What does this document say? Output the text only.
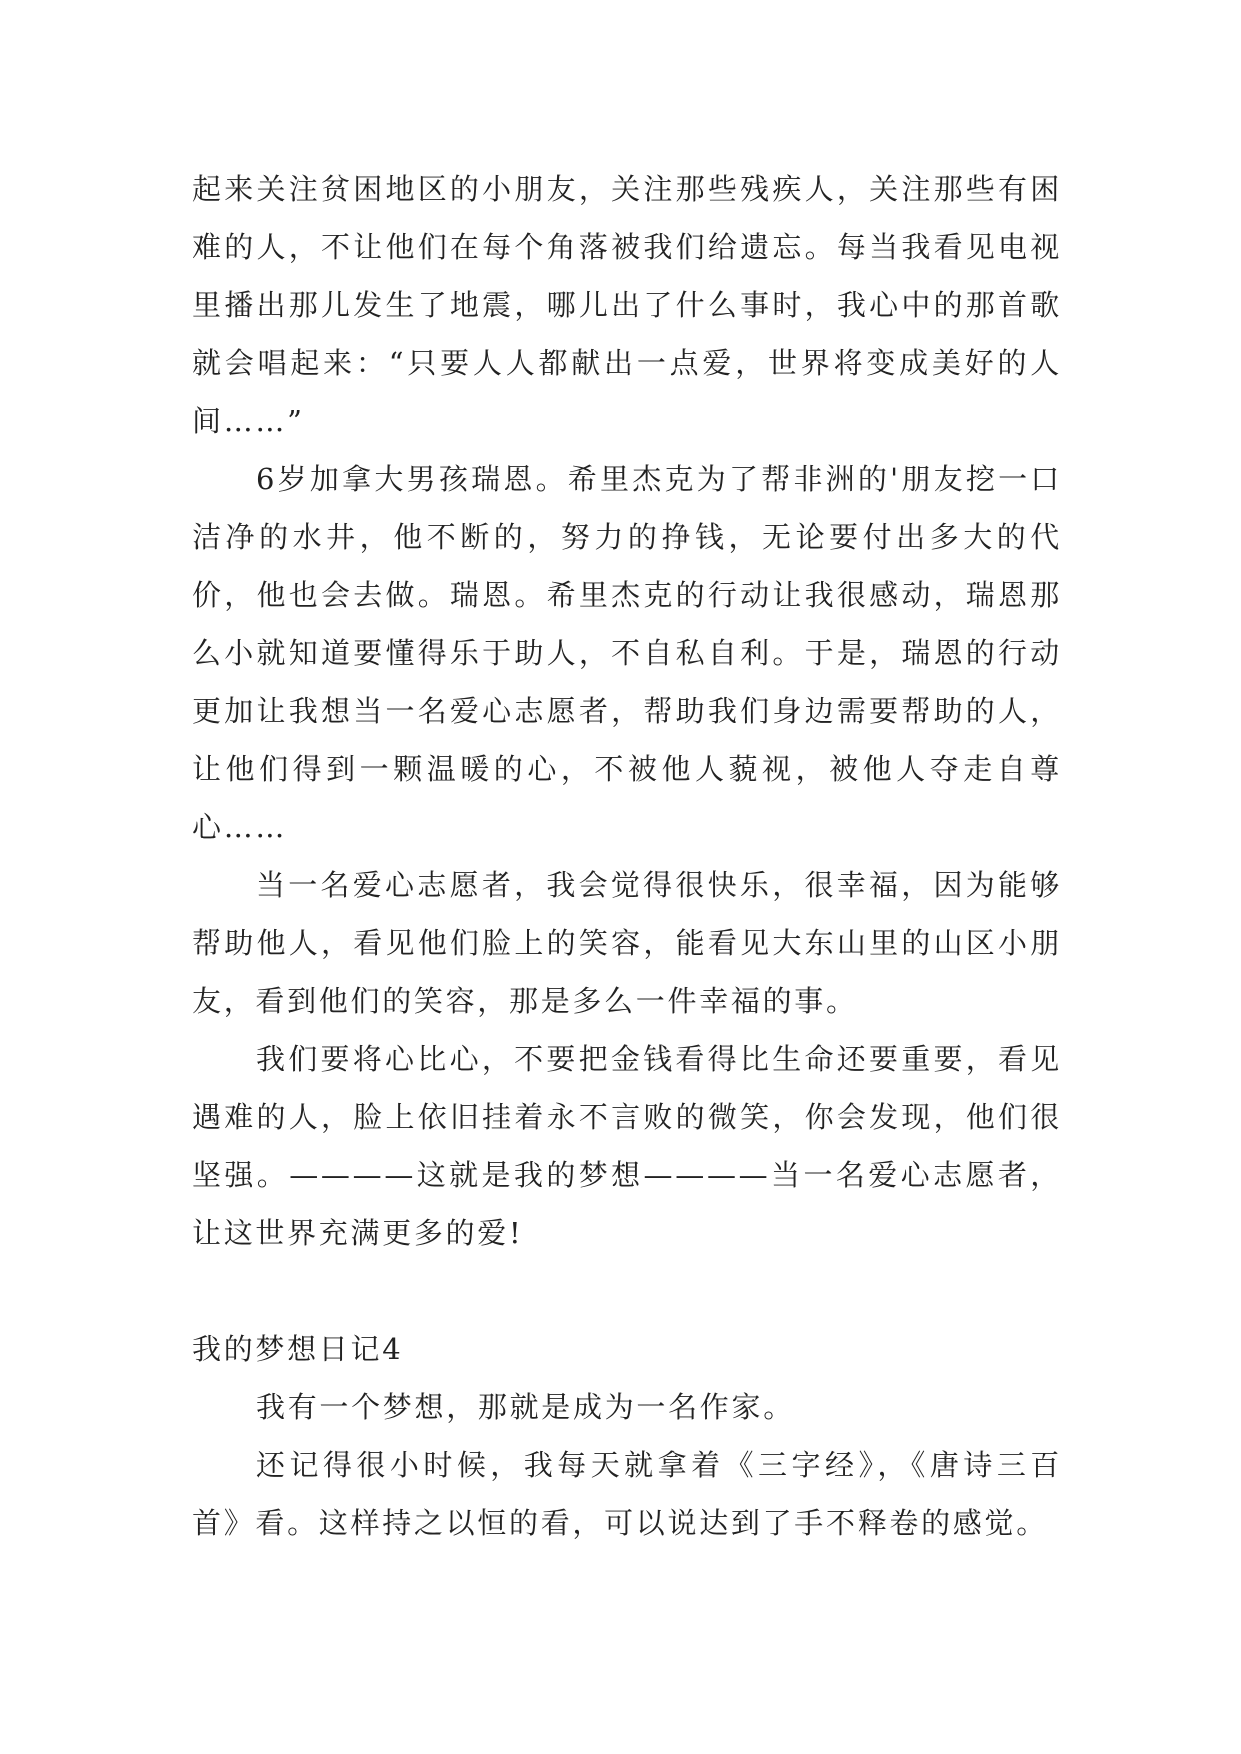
起来关注贫困地区的小朋友，关注那些残疾人，关注那些有困难的人，不让他们在每个角落被我们给遗忘。每当我看见电视里播出那儿发生了地震，哪儿出了什么事时，我心中的那首歌就会唱起来：“只要人人都献出一点爱，世界将变成美好的人间……”

6岁加拿大男孩瑞恩。希里杰克为了帮非洲的'朋友挖一口洁净的水井，他不断的，努力的挣钱，无论要付出多大的代价，他也会去做。瑞恩。希里杰克的行动让我很感动，瑞恩那么小就知道要懂得乐于助人，不自私自利。于是，瑞恩的行动更加让我想当一名爱心志愿者，帮助我们身边需要帮助的人，让他们得到一颗温暖的心，不被他人藐视，被他人夺走自尊心……

当一名爱心志愿者，我会觉得很快乐，很幸福，因为能够帮助他人，看见他们脸上的笑容，能看见大东山里的山区小朋友，看到他们的笑容，那是多么一件幸福的事。

我们要将心比心，不要把金钱看得比生命还要重要，看见遇难的人，脸上依旧挂着永不言败的微笑，你会发现，他们很坚强。————这就是我的梦想————当一名爱心志愿者，让这世界充满更多的爱!

我的梦想日记4

我有一个梦想，那就是成为一名作家。

还记得很小时候，我每天就拿着《三字经》，《唐诗三百首》看。这样持之以恒的看，可以说达到了手不释卷的感觉。
